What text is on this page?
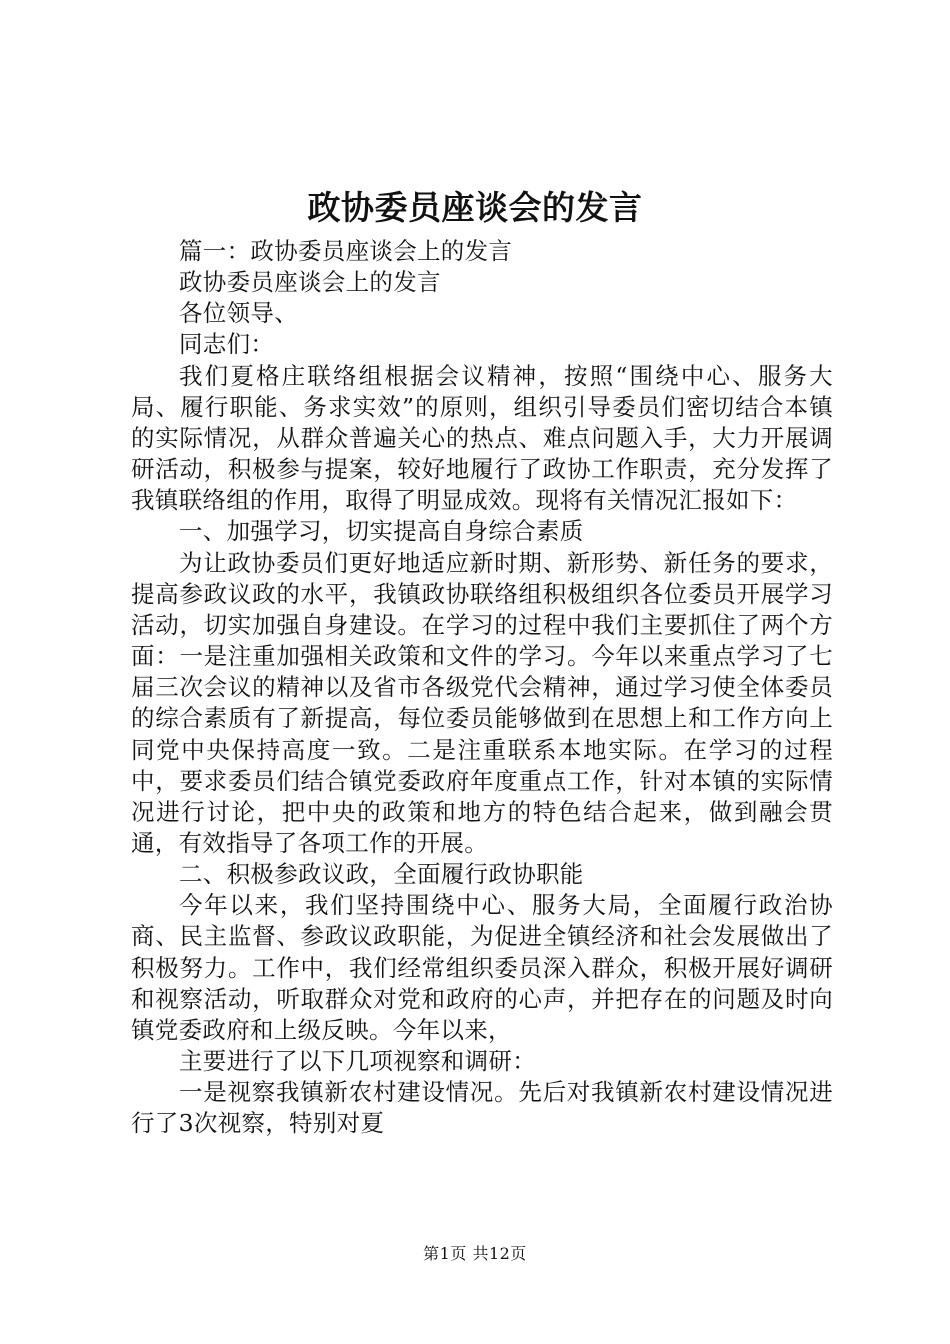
政协委员座谈会的发言

篇一：政协委员座谈会上的发言

政协委员座谈会上的发言

各位领导、

同志们：

我们夏格庄联络组根据会议精神，按照“围绕中心、服务大局、履行职能、务求实效”的原则，组织引导委员们密切结合本镇的实际情况，从群众普遍关心的热点、难点问题入手，大力开展调研活动，积极参与提案，较好地履行了政协工作职责，充分发挥了我镇联络组的作用，取得了明显成效。现将有关情况汇报如下：

一、加强学习，切实提高自身综合素质

为让政协委员们更好地适应新时期、新形势、新任务的要求，提高参政议政的水平，我镇政协联络组积极组织各位委员开展学习活动，切实加强自身建设。在学习的过程中我们主要抓住了两个方面：一是注重加强相关政策和文件的学习。今年以来重点学习了七届三次会议的精神以及省市各级党代会精神，通过学习使全体委员的综合素质有了新提高，每位委员能够做到在思想上和工作方向上同党中央保持高度一致。二是注重联系本地实际。在学习的过程中，要求委员们结合镇党委政府年度重点工作，针对本镇的实际情况进行讨论，把中央的政策和地方的特色结合起来，做到融会贯通，有效指导了各项工作的开展。

二、积极参政议政，全面履行政协职能

今年以来，我们坚持围绕中心、服务大局，全面履行政治协商、民主监督、参政议政职能，为促进全镇经济和社会发展做出了积极努力。工作中，我们经常组织委员深入群众，积极开展好调研和视察活动，听取群众对党和政府的心声，并把存在的问题及时向镇党委政府和上级反映。今年以来，

主要进行了以下几项视察和调研：

一是视察我镇新农村建设情况。先后对我镇新农村建设情况进行了3次视察，特别对夏

第1页 共12页
